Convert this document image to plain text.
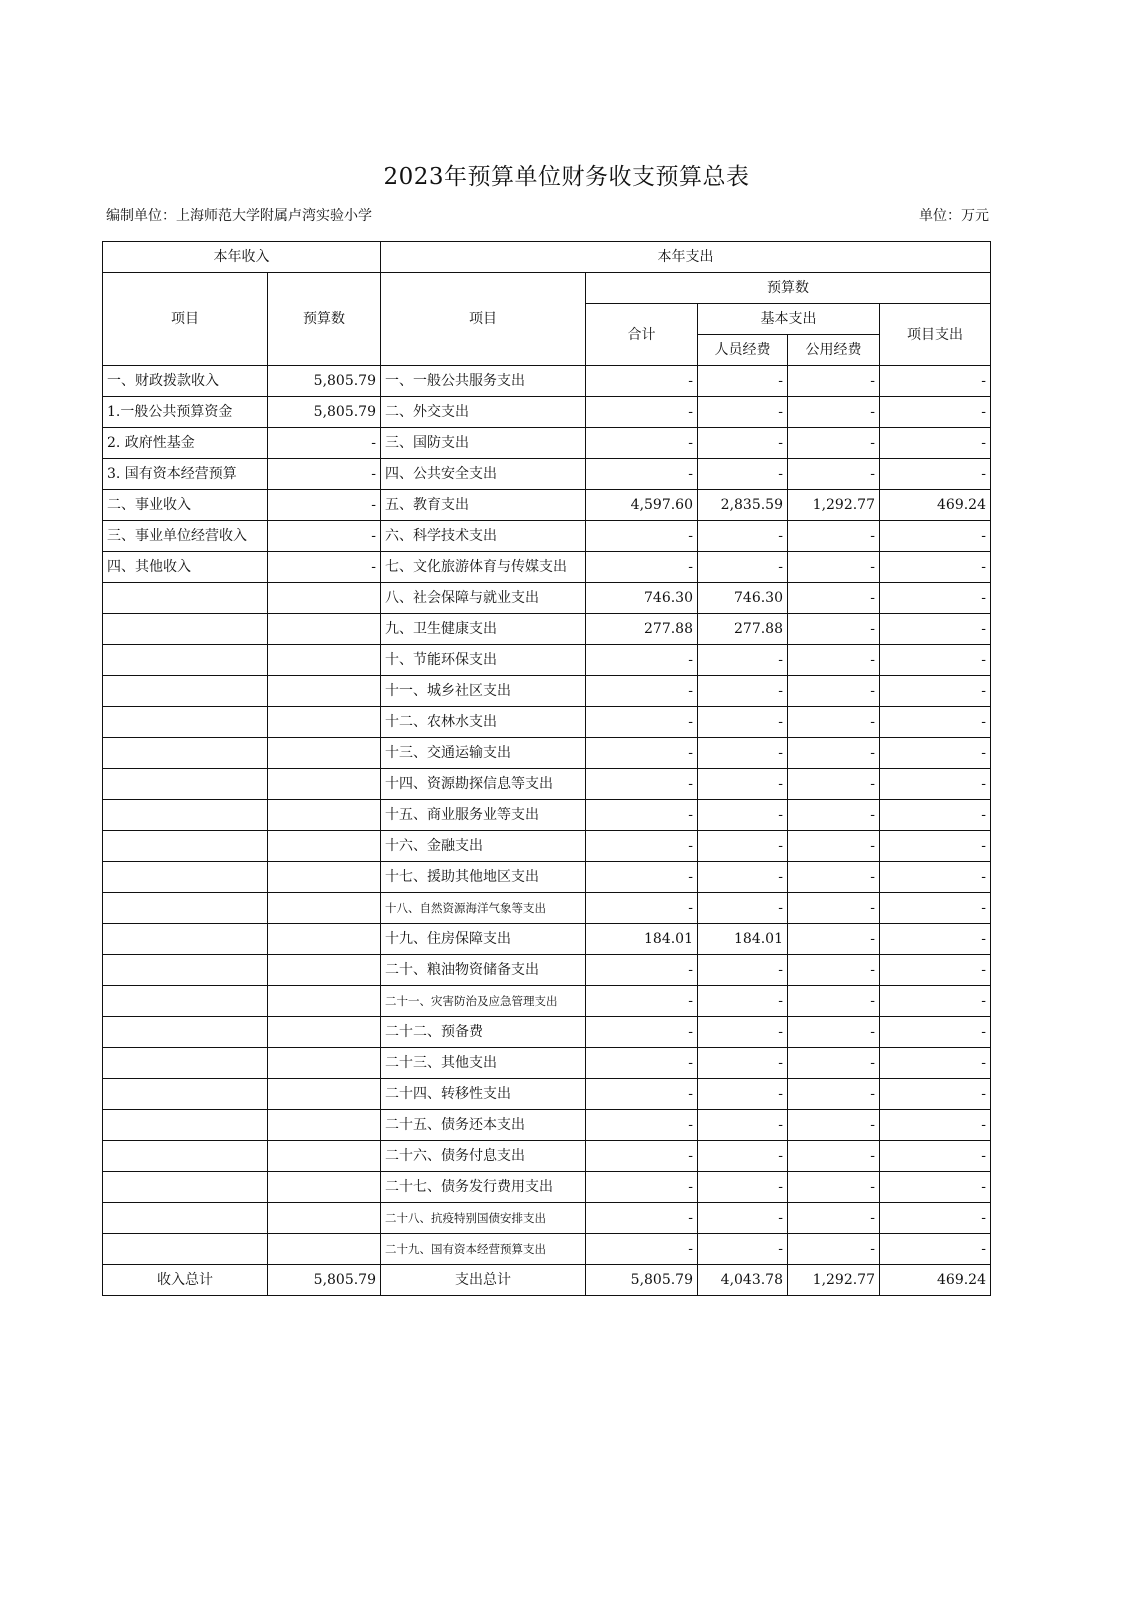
2023年预算单位财务收支预算总表
编制单位：上海师范大学附属卢湾实验小学	单位：万元
本年收入		本年支出				
项目	预算数	项目	预算数			
			合计	基本支出		项目支出
				人员经费	公用经费	
一、财政拨款收入	5,805.79	一、一般公共服务支出	-	-	-	-
1.一般公共预算资金	5,805.79	二、外交支出	-	-	-	-
2. 政府性基金	-	三、国防支出	-	-	-	-
3. 国有资本经营预算	-	四、公共安全支出	-	-	-	-
二、事业收入	-	五、教育支出	4,597.60	2,835.59	1,292.77	469.24
三、事业单位经营收入	-	六、科学技术支出	-	-	-	-
四、其他收入	-	七、文化旅游体育与传媒支出	-	-	-	-
		八、社会保障与就业支出	746.30	746.30	-	-
		九、卫生健康支出	277.88	277.88	-	-
		十、节能环保支出	-	-	-	-
		十一、城乡社区支出	-	-	-	-
		十二、农林水支出	-	-	-	-
		十三、交通运输支出	-	-	-	-
		十四、资源勘探信息等支出	-	-	-	-
		十五、商业服务业等支出	-	-	-	-
		十六、金融支出	-	-	-	-
		十七、援助其他地区支出	-	-	-	-
		十八、自然资源海洋气象等支出	-	-	-	-
		十九、住房保障支出	184.01	184.01	-	-
		二十、粮油物资储备支出	-	-	-	-
		二十一、灾害防治及应急管理支出	-	-	-	-
		二十二、预备费	-	-	-	-
		二十三、其他支出	-	-	-	-
		二十四、转移性支出	-	-	-	-
		二十五、债务还本支出	-	-	-	-
		二十六、债务付息支出	-	-	-	-
		二十七、债务发行费用支出	-	-	-	-
		二十八、抗疫特别国债安排支出	-	-	-	-
		二十九、国有资本经营预算支出	-	-	-	-
收入总计	5,805.79	支出总计	5,805.79	4,043.78	1,292.77	469.24
